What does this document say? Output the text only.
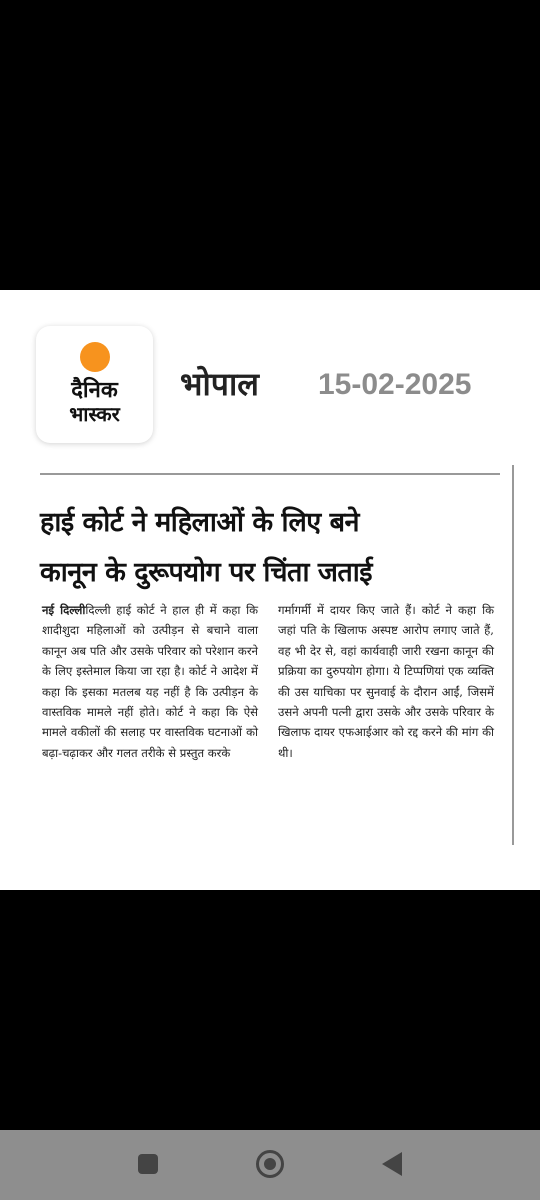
दैनिक
भास्कर
भोपाल 15-02-2025
हाई कोर्ट ने महिलाओं के लिए बने
कानून के दुरूपयोग पर चिंता जताई
नई दिल्लीदिल्ली हाई कोर्ट ने हाल ही में कहा कि शादीशुदा महिलाओं को उत्पीड़न से बचाने वाला कानून अब पति और उसके परिवार को परेशान करने के लिए इस्तेमाल किया जा रहा है। कोर्ट ने आदेश में कहा कि इसका मतलब यह नहीं है कि उत्पीड़न के वास्तविक मामले नहीं होते। कोर्ट ने कहा कि ऐसे मामले वकीलों की सलाह पर वास्तविक घटनाओं को बढ़ा-चढ़ाकर और गलत तरीके से प्रस्तुत करके
गर्मागर्मी में दायर किए जाते हैं। कोर्ट ने कहा कि जहां पति के खिलाफ अस्पष्ट आरोप लगाए जाते हैं, वह भी देर से, वहां कार्यवाही जारी रखना कानून की प्रक्रिया का दुरुपयोग होगा। ये टिप्पणियां एक व्यक्ति की उस याचिका पर सुनवाई के दौरान आईं, जिसमें उसने अपनी पत्नी द्वारा उसके और उसके परिवार के खिलाफ दायर एफआईआर को रद्द करने की मांग की थी।
